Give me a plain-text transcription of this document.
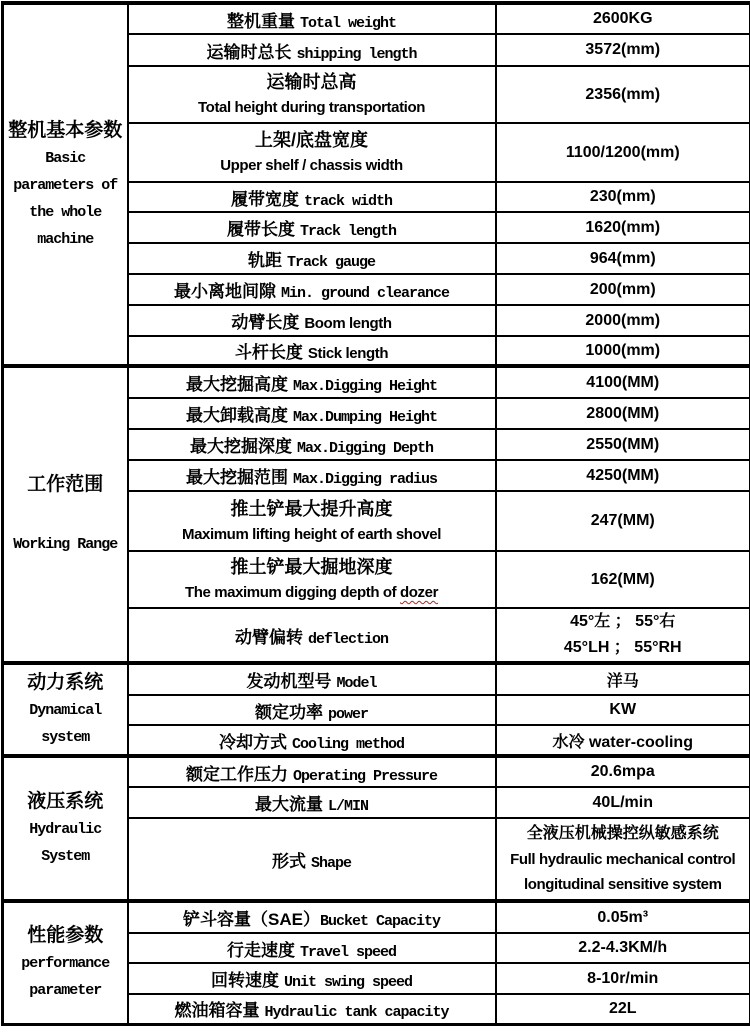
整机基本参数
Basic
parameters of
the whole
machine	整机重量 Total weight	2600KG
	运输时总长 shipping length	3572(mm)

	运输时总高
Total height during transportation	2356(mm)

	上架/底盘宽度
Upper shelf / chassis width	1100/1200(mm)
	履带宽度 track width	230(mm)
	履带长度 Track length	1620(mm)
	轨距 Track gauge	964(mm)
	最小离地间隙 Min. ground clearance	200(mm)
	动臂长度 Boom length	2000(mm)
	斗杆长度 Stick length	1000(mm)

工作范围
Working Range	最大挖掘高度 Max.Digging Height	4100(MM)
	最大卸载高度 Max.Dumping Height	2800(MM)
	最大挖掘深度 Max.Digging Depth	2550(MM)
	最大挖掘范围 Max.Digging radius	4250(MM)

	推土铲最大提升高度
Maximum lifting height of earth shovel	247(MM)

	推土铲最大掘地深度
The maximum digging depth of dozer	162(MM)
	动臂偏转 deflection	45°左 ； 55°右
45°LH ； 55°RH

动力系统
Dynamical
system	发动机型号 Model	洋马
	额定功率 power	KW
	冷却方式 Cooling method	水冷 water-cooling

液压系统
Hydraulic
System	额定工作压力 Operating Pressure	20.6mpa
	最大流量 L/MIN	40L/min
	形式 Shape	全液压机械操控纵敏感系统
Full hydraulic mechanical control
longitudinal sensitive system

性能参数
performance
parameter	铲斗容量（SAE）Bucket Capacity	0.05m³
	行走速度 Travel speed	2.2-4.3KM/h
	回转速度 Unit swing speed	8-10r/min
	燃油箱容量 Hydraulic tank capacity	22L
